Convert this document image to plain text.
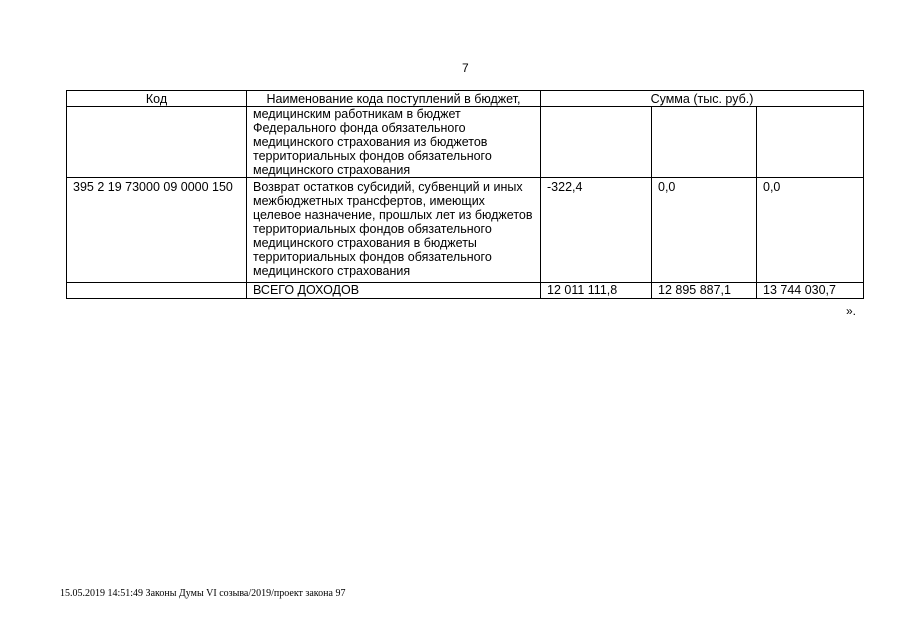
7
Код	Наименование кода поступлений в бюджет,	Сумма (тыс. руб.)		
	медицинским работникам в бюджет Федерального фонда обязательного медицинского страхования из бюджетов территориальных фондов обязательного медицинского страхования			
395 2 19 73000 09 0000 150	Возврат остатков субсидий, субвенций и иных межбюджетных трансфертов, имеющих целевое назначение, прошлых лет из бюджетов территориальных фондов обязательного медицинского страхования в бюджеты территориальных фондов обязательного медицинского страхования	-322,4	0,0	0,0
	ВСЕГО ДОХОДОВ	12 011 111,8	12 895 887,1	13 744 030,7
».
15.05.2019 14:51:49 Законы Думы VI созыва/2019/проект закона 97
